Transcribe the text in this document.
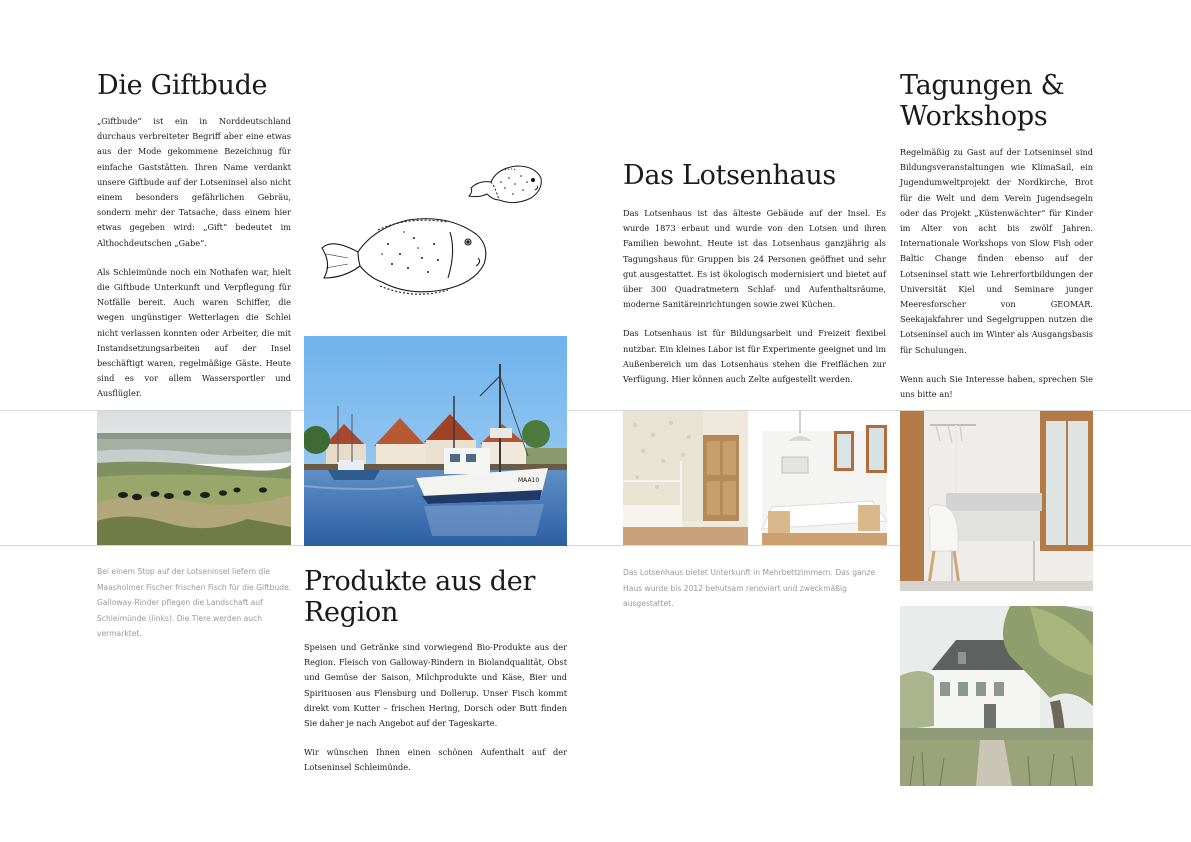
Die Giftbude

„Giftbude“ ist ein in Norddeutschland durchaus verbreiteter Begriff aber eine etwas aus der Mode gekommene Bezeichnug für einfache Gaststätten. Ihren Name verdankt unsere Giftbude auf der Lotseninsel also nicht einem besonders gefährlichen Gebräu, sondern mehr der Tatsache, dass einem hier etwas gegeben wird: „Gift“ bedeutet im Althochdeutschen „Gabe“.

Als Schleimünde noch ein Nothafen war, hielt die Giftbude Unterkunft und Verpflegung für Notfälle bereit. Auch waren Schiffer, die wegen ungünstiger Wetterlagen die Schlei nicht verlassen konnten oder Arbeiter, die mit Instandsetzungsarbeiten auf der Insel beschäftigt waren, regelmäßige Gäste. Heute sind es vor allem Wassersportler und Ausflügler.

Bei einem Stop auf der Lotseninsel liefern die Maasholmer Fischer frischen Fisch für die Giftbude. Galloway-Rinder pflegen die Landschaft auf Schleimünde (links). Die Tiere werden auch vermarktet.
MAA10
Produkte aus der Region

Speisen und Getränke sind vorwiegend Bio-Produkte aus der Region. Fleisch von Galloway-Rindern in Biolandqualität, Obst und Gemüse der Saison, Milchprodukte und Käse, Bier und Spirituosen aus Flensburg und Dollerup. Unser Fisch kommt direkt vom Kutter – frischen Hering, Dorsch oder Butt finden Sie daher je nach Angebot auf der Tageskarte.

Wir wünschen Ihnen einen schönen Aufenthalt auf der Lotseninsel Schleimünde.

Das Lotsenhaus

Das Lotsenhaus ist das älteste Gebäude auf der Insel. Es wurde 1873 erbaut und wurde von den Lotsen und ihren Familien bewohnt. Heute ist das Lotsenhaus ganzjährig als Tagungshaus für Gruppen bis 24 Personen geöffnet und sehr gut ausgestattet. Es ist ökologisch modernisiert und bietet auf über 300 Quadratmetern Schlaf- und Aufenthaltsräume, moderne Sanitäreinrichtungen sowie zwei Küchen.

Das Lotsenhaus ist für Bildungsarbeit und Freizeit flexibel nutzbar. Ein kleines Labor ist für Experimente geeignet und im Außenbereich um das Lotsenhaus stehen die Freiflächen zur Verfügung. Hier können auch Zelte aufgestellt werden.

Das Lotsenhaus bietet Unterkunft in Mehrbettzimmern. Das ganze Haus wurde bis 2012 behutsam renoviert und zweckmäßig ausgestattet.
Tagungen &
Workshops

Regelmäßig zu Gast auf der Lotseninsel sind Bildungsveranstaltungen wie KlimaSail, ein Jugendumweltprojekt der Nordkirche, Brot für die Welt und dem Verein Jugendsegeln oder das Projekt „Küstenwächter“ für Kinder im Alter von acht bis zwölf Jahren. Internationale Workshops von Slow Fish oder Baltic Change finden ebenso auf der Lotseninsel statt wie Lehrerfortbildungen der Universität Kiel und Seminare junger Meeresforscher von GEOMAR. Seekajakfahrer und Segelgruppen nutzen die Lotseninsel auch im Winter als Ausgangsbasis für Schulungen.

Wenn auch Sie Interesse haben, sprechen Sie uns bitte an!
